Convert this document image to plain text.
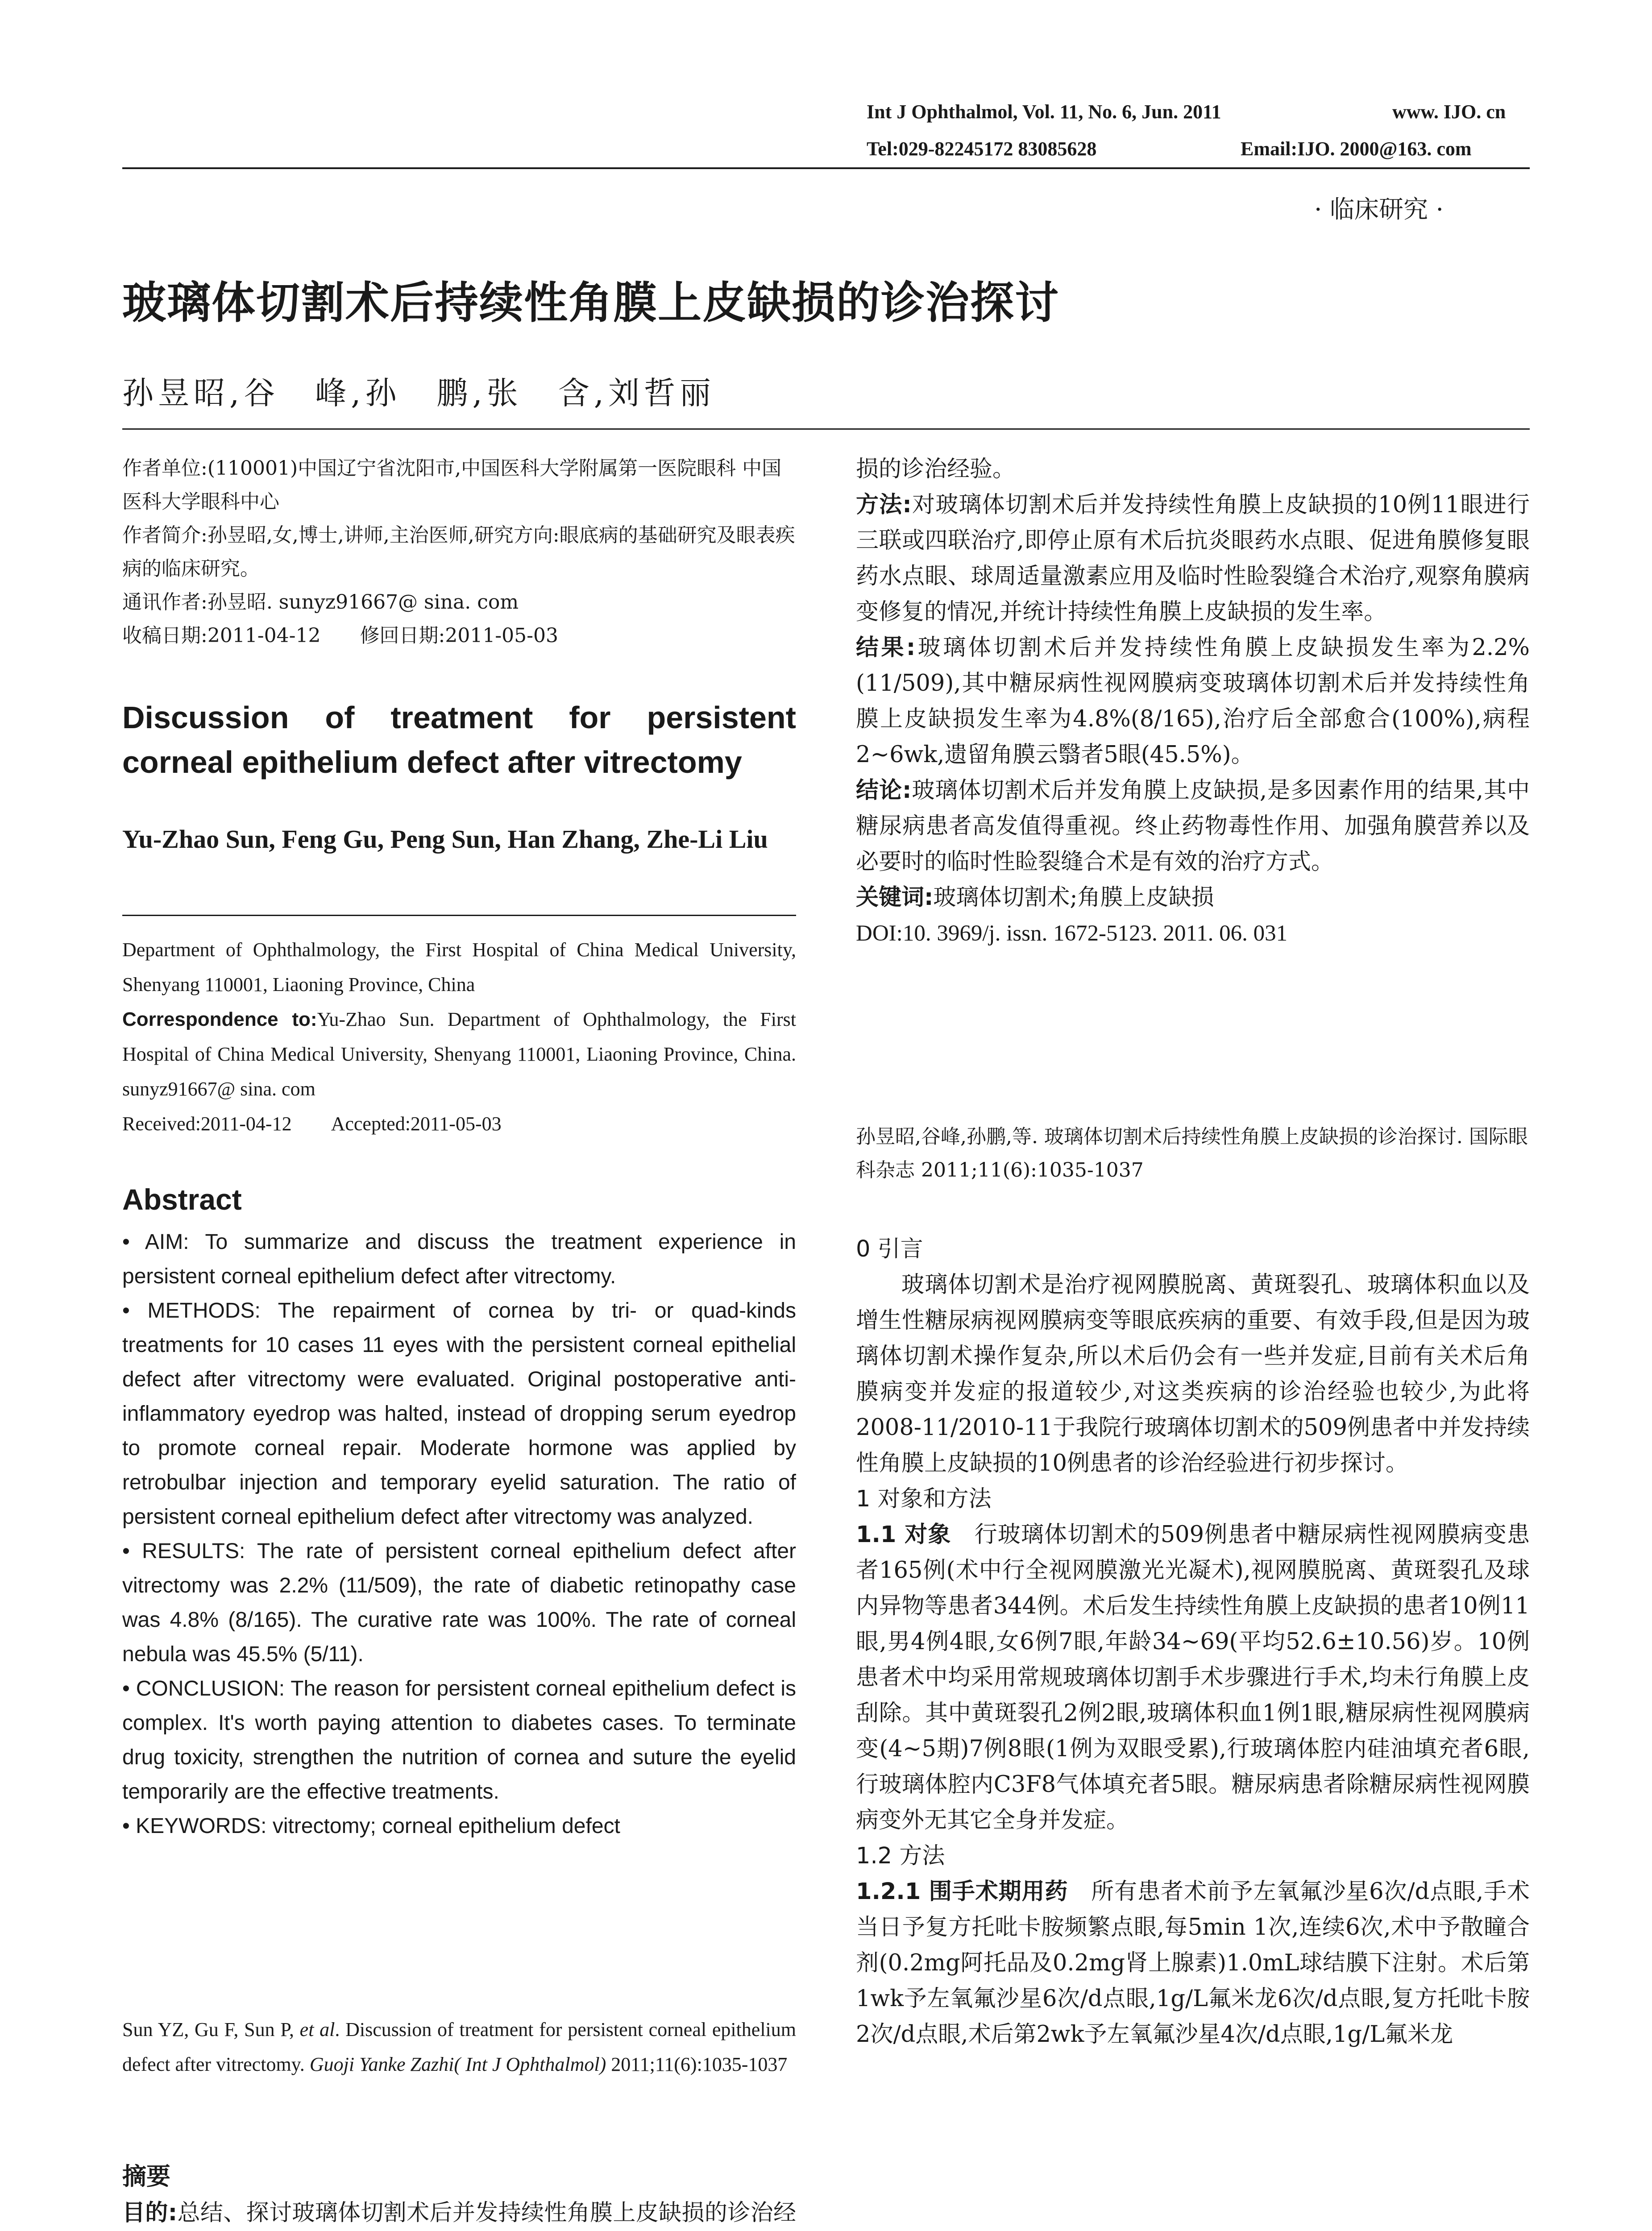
Int J Ophthalmol, Vol. 11, No. 6, Jun. 2011	www. IJO. cn
Tel:029-82245172 83085628	Email:IJO. 2000@163. com
· 临床研究 ·
玻璃体切割术后持续性角膜上皮缺损的诊治探讨
孙昱昭,谷　峰,孙　鹏,张　含,刘哲丽

作者单位:(110001)中国辽宁省沈阳市,中国医科大学附属第一医院眼科 中国医科大学眼科中心

作者简介:孙昱昭,女,博士,讲师,主治医师,研究方向:眼底病的基础研究及眼表疾病的临床研究。

通讯作者:孙昱昭. sunyz91667@ sina. com

收稿日期:2011-04-12　　修回日期:2011-05-03

Discussion of treatment for persistent corneal epithelium defect after vitrectomy
Yu-Zhao Sun, Feng Gu, Peng Sun, Han Zhang, Zhe-Li Liu

Department of Ophthalmology, the First Hospital of China Medical University, Shenyang 110001, Liaoning Province, China

Correspondence to:Yu-Zhao Sun. Department of Ophthalmology, the First Hospital of China Medical University, Shenyang 110001, Liaoning Province, China. sunyz91667@ sina. com

Received:2011-04-12　　Accepted:2011-05-03

Abstract

• AIM: To summarize and discuss the treatment experience in persistent corneal epithelium defect after vitrectomy.

• METHODS: The repairment of cornea by tri- or quad-kinds treatments for 10 cases 11 eyes with the persistent corneal epithelial defect after vitrectomy were evaluated. Original postoperative anti-inflammatory eyedrop was halted, instead of dropping serum eyedrop to promote corneal repair. Moderate hormone was applied by retrobulbar injection and temporary eyelid saturation. The ratio of persistent corneal epithelium defect after vitrectomy was analyzed.

• RESULTS: The rate of persistent corneal epithelium defect after vitrectomy was 2.2% (11/509), the rate of diabetic retinopathy case was 4.8% (8/165). The curative rate was 100%. The rate of corneal nebula was 45.5% (5/11).

• CONCLUSION: The reason for persistent corneal epithelium defect is complex. It's worth paying attention to diabetes cases. To terminate drug toxicity, strengthen the nutrition of cornea and suture the eyelid temporarily are the effective treatments.

• KEYWORDS: vitrectomy; corneal epithelium defect

Sun YZ, Gu F, Sun P, et al. Discussion of treatment for persistent corneal epithelium defect after vitrectomy. Guoji Yanke Zazhi( Int J Ophthalmol) 2011;11(6):1035-1037
摘要

目的:总结、探讨玻璃体切割术后并发持续性角膜上皮缺损的诊治经

损的诊治经验。

方法:对玻璃体切割术后并发持续性角膜上皮缺损的10例11眼进行三联或四联治疗,即停止原有术后抗炎眼药水点眼、促进角膜修复眼药水点眼、球周适量激素应用及临时性睑裂缝合术治疗,观察角膜病变修复的情况,并统计持续性角膜上皮缺损的发生率。

结果:玻璃体切割术后并发持续性角膜上皮缺损发生率为2.2%(11/509),其中糖尿病性视网膜病变玻璃体切割术后并发持续性角膜上皮缺损发生率为4.8%(8/165),治疗后全部愈合(100%),病程2~6wk,遗留角膜云翳者5眼(45.5%)。

结论:玻璃体切割术后并发角膜上皮缺损,是多因素作用的结果,其中糖尿病患者高发值得重视。终止药物毒性作用、加强角膜营养以及必要时的临时性睑裂缝合术是有效的治疗方式。

关键词:玻璃体切割术;角膜上皮缺损

DOI:10. 3969/j. issn. 1672-5123. 2011. 06. 031

孙昱昭,谷峰,孙鹏,等. 玻璃体切割术后持续性角膜上皮缺损的诊治探讨. 国际眼科杂志 2011;11(6):1035-1037

0 引言

玻璃体切割术是治疗视网膜脱离、黄斑裂孔、玻璃体积血以及增生性糖尿病视网膜病变等眼底疾病的重要、有效手段,但是因为玻璃体切割术操作复杂,所以术后仍会有一些并发症,目前有关术后角膜病变并发症的报道较少,对这类疾病的诊治经验也较少,为此将2008-11/2010-11于我院行玻璃体切割术的509例患者中并发持续性角膜上皮缺损的10例患者的诊治经验进行初步探讨。

1 对象和方法

1.1 对象　行玻璃体切割术的509例患者中糖尿病性视网膜病变患者165例(术中行全视网膜激光光凝术),视网膜脱离、黄斑裂孔及球内异物等患者344例。术后发生持续性角膜上皮缺损的患者10例11眼,男4例4眼,女6例7眼,年龄34~69(平均52.6±10.56)岁。10例患者术中均采用常规玻璃体切割手术步骤进行手术,均未行角膜上皮刮除。其中黄斑裂孔2例2眼,玻璃体积血1例1眼,糖尿病性视网膜病变(4~5期)7例8眼(1例为双眼受累),行玻璃体腔内硅油填充者6眼,行玻璃体腔内C3F8气体填充者5眼。糖尿病患者除糖尿病性视网膜病变外无其它全身并发症。

1.2 方法

1.2.1 围手术期用药　所有患者术前予左氧氟沙星6次/d点眼,手术当日予复方托吡卡胺频繁点眼,每5min 1次,连续6次,术中予散瞳合剂(0.2mg阿托品及0.2mg肾上腺素)1.0mL球结膜下注射。术后第1wk予左氧氟沙星6次/d点眼,1g/L氟米龙6次/d点眼,复方托吡卡胺2次/d点眼,术后第2wk予左氧氟沙星4次/d点眼,1g/L氟米龙
